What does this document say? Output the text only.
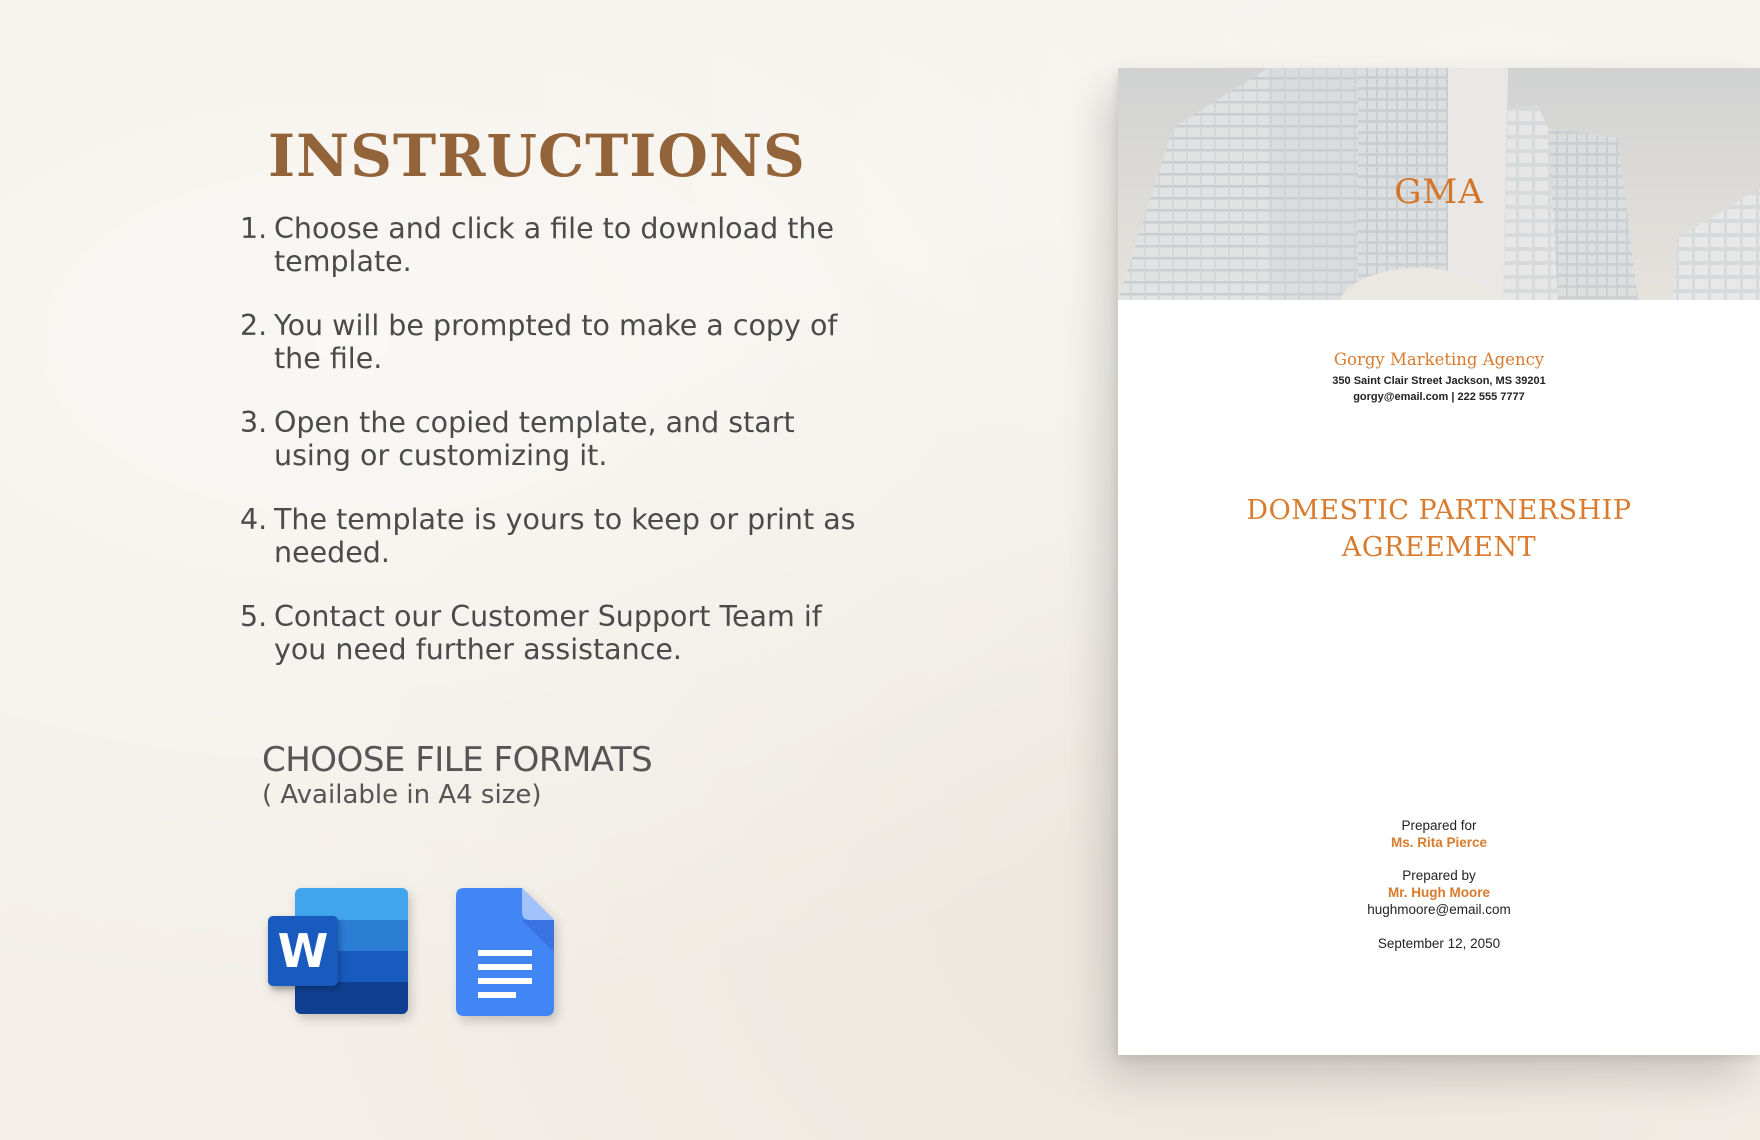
INSTRUCTIONS
1. Choose and click a file to download the template.
2. You will be prompted to make a copy of the file.
3. Open the copied template, and start using or customizing it.
4. The template is yours to keep or print as needed.
5. Contact our Customer Support Team if you need further assistance.
CHOOSE FILE FORMATS
( Available in A4 size)
W
GMA
Gorgy Marketing Agency
350 Saint Clair Street Jackson, MS 39201
gorgy@email.com | 222 555 7777
DOMESTIC PARTNERSHIP
AGREEMENT
Prepared for
Ms. Rita Pierce
Prepared by
Mr. Hugh Moore
hughmoore@email.com
September 12, 2050
